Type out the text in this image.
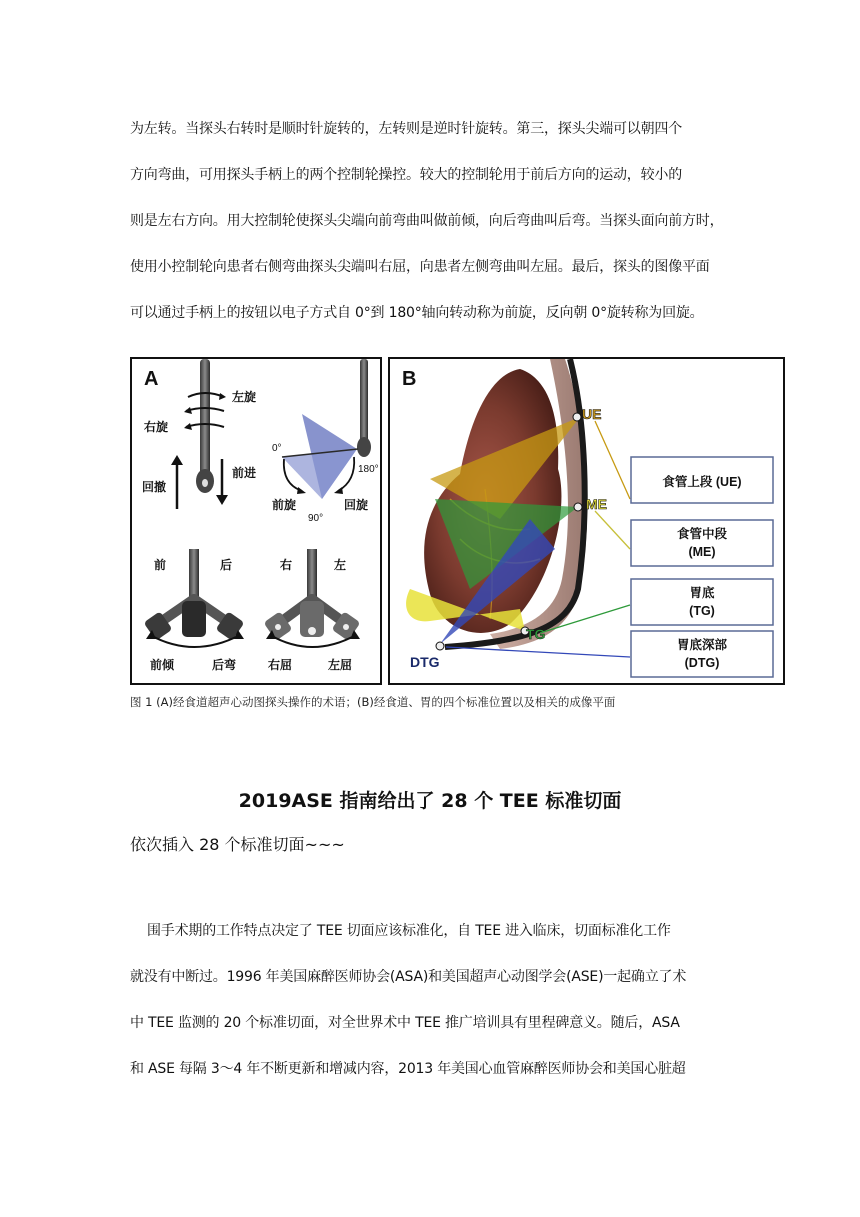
为左转。当探头右转时是顺时针旋转的，左转则是逆时针旋转。第三，探头尖端可以朝四个

方向弯曲，可用探头手柄上的两个控制轮操控。较大的控制轮用于前后方向的运动，较小的

则是左右方向。用大控制轮使探头尖端向前弯曲叫做前倾，向后弯曲叫后弯。当探头面向前方时，

使用小控制轮向患者右侧弯曲探头尖端叫右屈，向患者左侧弯曲叫左屈。最后，探头的图像平面

可以通过手柄上的按钮以电子方式自 0°到 180°轴向转动称为前旋，反向朝 0°旋转称为回旋。

A
左旋
右旋
回撤
前进
0°
180°
90°
前旋	回旋
前	后
前倾	后弯
右	左
右屈	左屈
B
UE
ME
TG
DTG
食管上段 (UE)
食管中段
(ME)
胃底
(TG)
胃底深部
(DTG)

图 1 (A)经食道超声心动图探头操作的术语；(B)经食道、胃的四个标准位置以及相关的成像平面

2019ASE 指南给出了 28 个 TEE 标准切面

依次插入 28 个标准切面~~~

围手术期的工作特点决定了 TEE 切面应该标准化，自 TEE 进入临床，切面标准化工作

就没有中断过。1996 年美国麻醉医师协会(ASA)和美国超声心动图学会(ASE)一起确立了术

中 TEE 监测的 20 个标准切面，对全世界术中 TEE 推广培训具有里程碑意义。随后，ASA

和 ASE 每隔 3～4 年不断更新和增减内容，2013 年美国心血管麻醉医师协会和美国心脏超
